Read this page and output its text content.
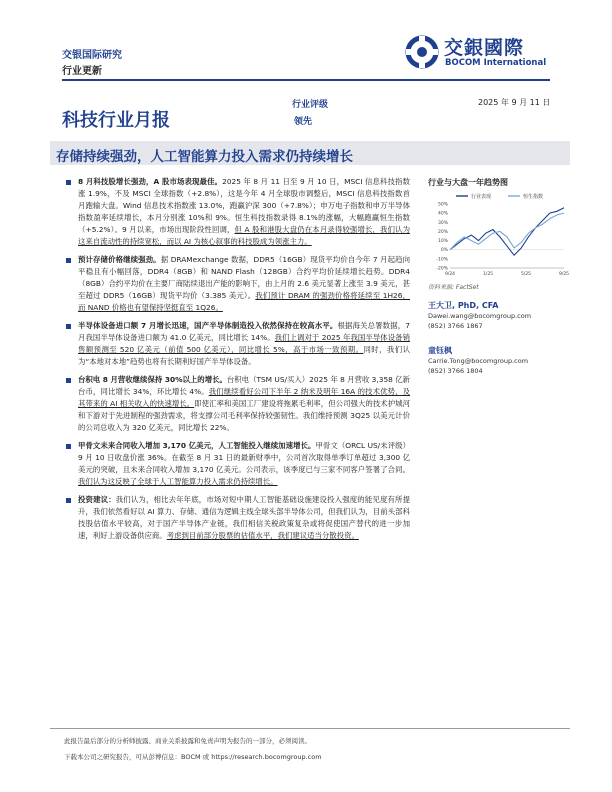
交银国际研究
行业更新
交銀國際
BOCOM International
科技行业月报
行业评级
领先
2025 年 9 月 11 日
存储持续强劲，人工智能算力投入需求仍持续增长
8 月科技股增长强劲，A 股市场表现最佳。2025 年 8 月 11 日至 9 月 10 日，MSCI 信息科技指数涨 1.9%，不及 MSCI 全球指数（+2.8%），这是今年 4 月全球股市调整后，MSCI 信息科技指数首月跑输大盘。Wind 信息技术指数涨 13.0%，跑赢沪深 300（+7.8%）；申万电子指数和申万半导体指数盈率延续增长，本月分别涨 10%和 9%。恒生科技指数录得 8.1%的涨幅，大幅跑赢恒生指数（+5.2%）。9 月以来，市场出现阶段性回调，但 A 股和港股大盘仍在本月录得较强增长，我们认为这来自流动性的持续宽松，而以 AI 为核心叙事的科技股成为领涨主力。
预计存储价格继续强劲。据 DRAMexchange 数据，DDR5（16GB）现货平均价自今年 7 月起趋向平稳且有小幅回落，DDR4（8GB）和 NAND Flash（128GB）合约平均价延续增长趋势。DDR4（8GB）合约平均价在主要厂商陆续退出产能的影响下，由上月的 2.6 美元显著上涨至 3.9 美元，甚至超过 DDR5（16GB）现货平均价（3.385 美元）。我们预计 DRAM 的强劲价格将延续至 1H26，而 NAND 价格也有望保持坚挺直至 1Q26。
半导体设备进口额 7 月增长迅速，国产半导体制造投入依然保持在较高水平。根据海关总署数据，7 月我国半导体设备进口额为 41.0 亿美元，同比增长 14%。我们上调对于 2025 年我国半导体设备销售额预测至 520 亿美元（前值 500 亿美元），同比增长 5%，高于市场一致预期。同时，我们认为“本地对本地”趋势也将有长期利好国产半导体设备。
台积电 8 月营收继续保持 30%以上的增长。台积电（TSM US/买入）2025 年 8 月营收 3,358 亿新台币，同比增长 34%，环比增长 4%。我们继续看好公司下半年 2 纳米及明年 16A 的技术优势，及其带来的 AI 相关收入的快速增长。即使汇率和美国工厂建设将拖累毛利率，但公司强大的技术护城河和下游对于先进制程的强劲需求，将支撑公司毛利率保持较强韧性。我们维持预测 3Q25 以美元计价的公司总收入为 320 亿美元，同比增长 22%。
甲骨文未来合同收入增加 3,170 亿美元，人工智能投入继续加速增长。甲骨文（ORCL US/未评级）9 月 10 日收盘价涨 36%。在截至 8 月 31 日的最新财季中，公司首次取得单季订单超过 3,300 亿美元的突破，且未来合同收入增加 3,170 亿美元。公司表示，该季度已与三家不同客户签署了合同。我们认为这反映了全球于人工智能算力投入需求仍持续增长。
投资建议：我们认为，相比去年年底，市场对短中期人工智能基础设施建设投入强度的能见度有所提升，我们依然看好以 AI 算力、存储、通信为逻辑主线全球头部半导体公司，但我们认为，目前头部科技股估值水平较高，对于国产半导体产业链，我们相信关税政策复杂或将促使国产替代的进一步加速，利好上游设备供应商。考虑到目前部分股票的估值水平，我们建议适当分散投资。
行业与大盘一年趋势图
行业表现	恒生指数
50%
40%
30%
20%
10%
0%
-10%
-20%
9/24	1/25	5/25	9/25
资料来源: FactSet
王大卫, PhD, CFA
Dawei.wang@bocomgroup.com
(852) 3766 1867
童钰枫
Carrie.Tong@bocomgroup.com
(852) 3766 1804
此报告最后部分的分析师披露、商业关系披露和免责声明为报告的一部分，必须阅读。
下载本公司之研究报告，可从彭博信息：BOCM 或 https://research.bocomgroup.com
